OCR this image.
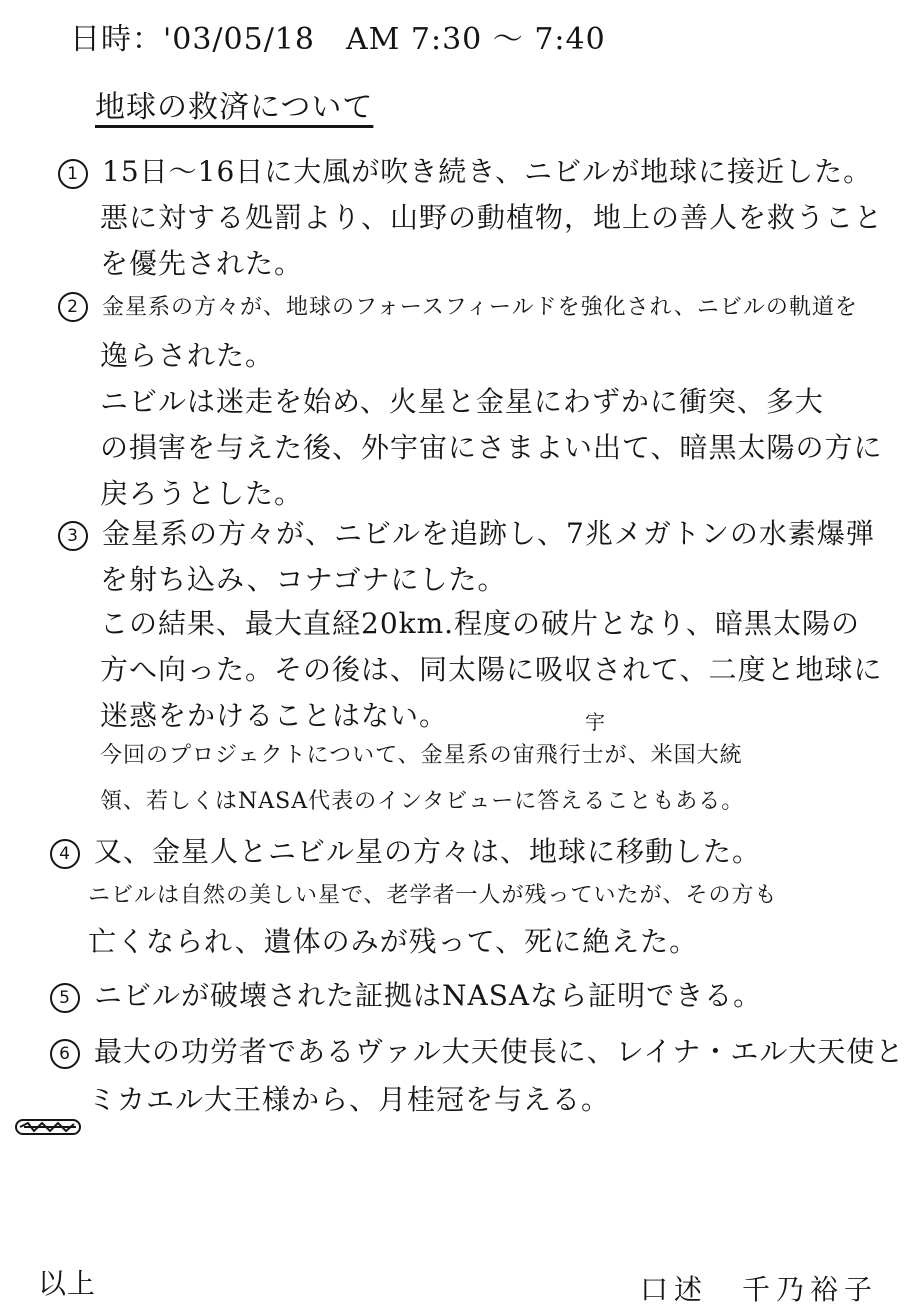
日時：'03/05/18　AM 7:30 ～ 7:40
地球の救済について
1 15日～16日に大風が吹き続き、ニビルが地球に接近した。
悪に対する処罰より、山野の動植物，地上の善人を救うこと
を優先された。
2 金星系の方々が、地球のフォースフィールドを強化され、ニビルの軌道を
逸らされた。
ニビルは迷走を始め、火星と金星にわずかに衝突、多大
の損害を与えた後、外宇宙にさまよい出て、暗黒太陽の方に
戻ろうとした。
3 金星系の方々が、ニビルを追跡し、7兆メガトンの水素爆弾
を射ち込み、コナゴナにした。
この結果、最大直経20km.程度の破片となり、暗黒太陽の
方へ向った。その後は、同太陽に吸収されて、二度と地球に
迷惑をかけることはない。	宇
今回のプロジェクトについて、金星系の宙飛行士が、米国大統
領、若しくはNASA代表のインタビューに答えることもある。
4 又、金星人とニビル星の方々は、地球に移動した。
ニビルは自然の美しい星で、老学者一人が残っていたが、その方も
亡くなられ、遺体のみが残って、死に絶えた。
5 ニビルが破壊された証拠はNASAなら証明できる。
6 最大の功労者であるヴァル大天使長に、レイナ・エル大天使と
ミカエル大王様から、月桂冠を与える。
以上	口述　千乃裕子
